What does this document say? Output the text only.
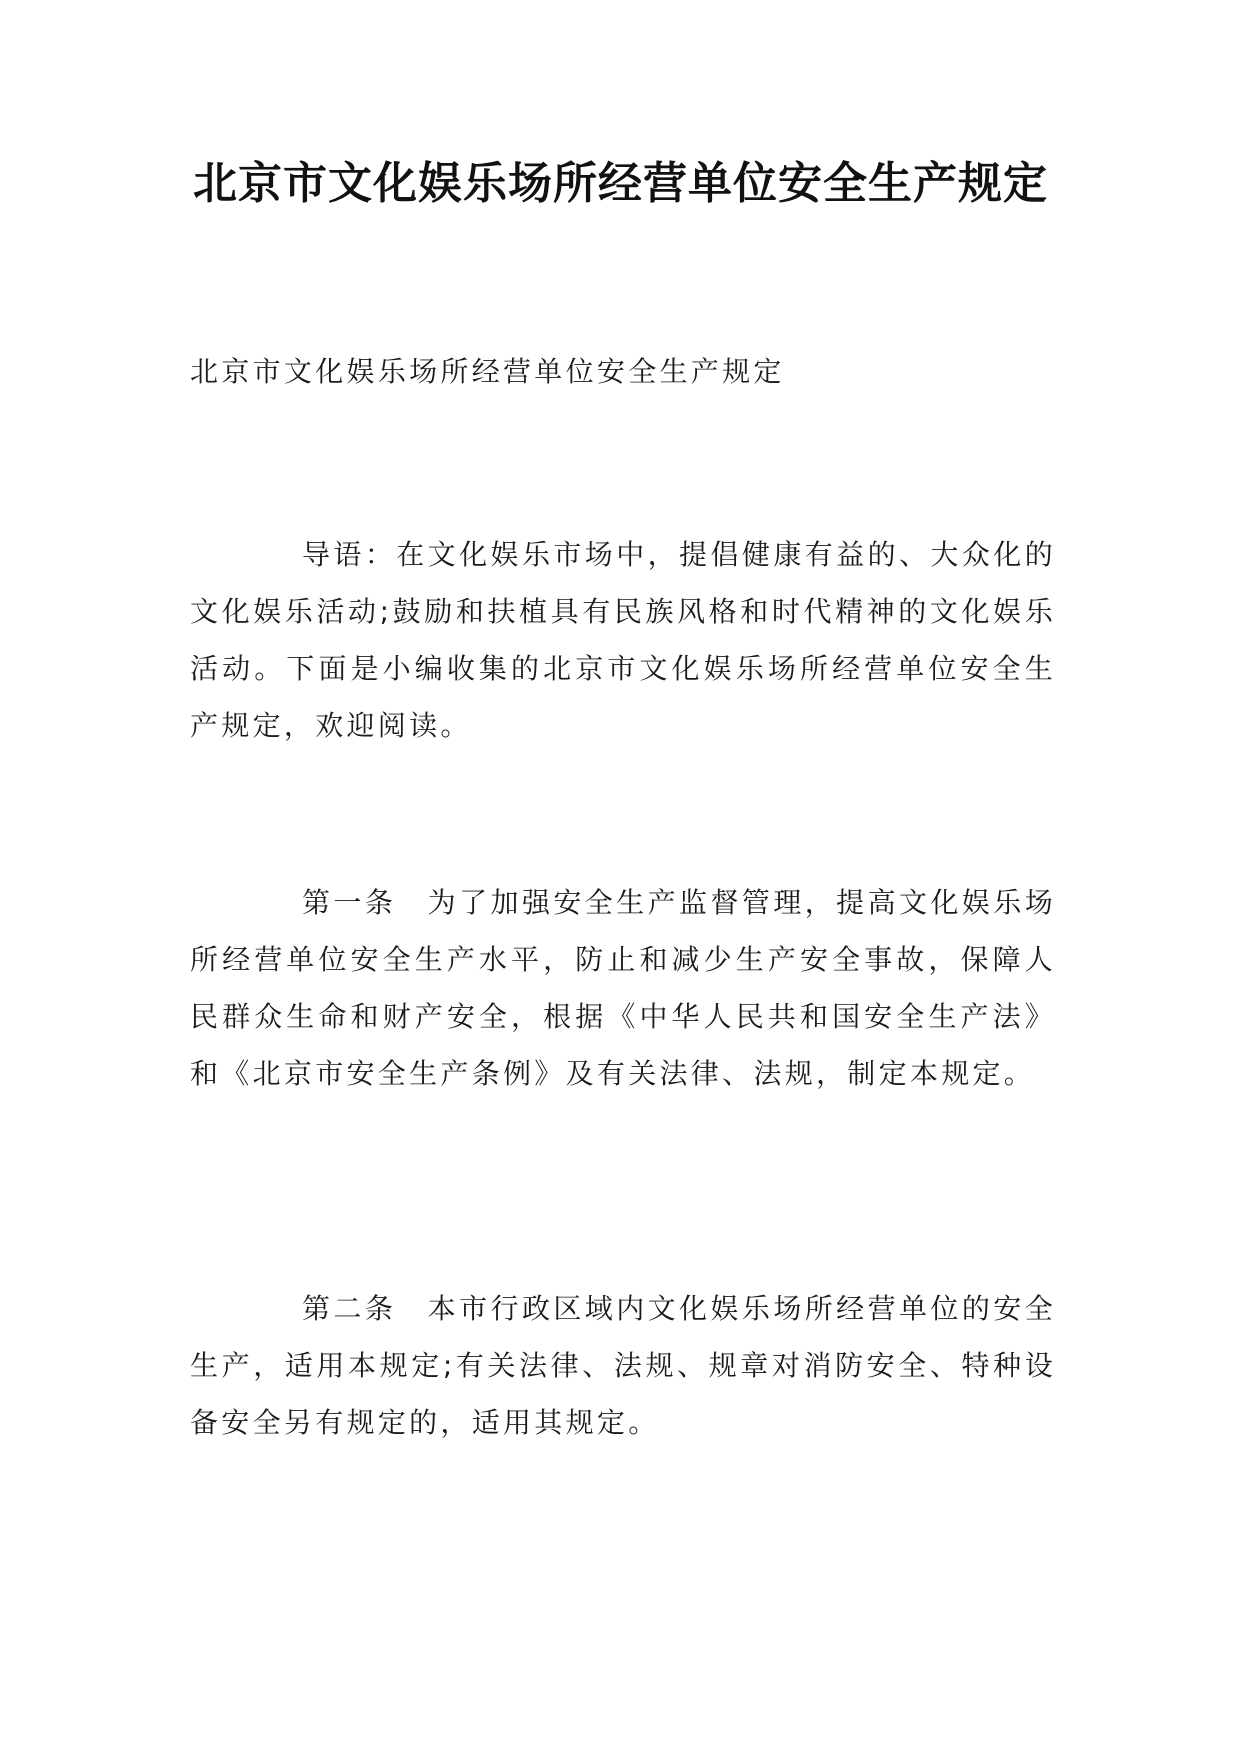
北京市文化娱乐场所经营单位安全生产规定

北京市文化娱乐场所经营单位安全生产规定

导语：在文化娱乐市场中，提倡健康有益的、大众化的文化娱乐活动;鼓励和扶植具有民族风格和时代精神的文化娱乐活动。下面是小编收集的北京市文化娱乐场所经营单位安全生产规定，欢迎阅读。

第一条　为了加强安全生产监督管理，提高文化娱乐场所经营单位安全生产水平，防止和减少生产安全事故，保障人民群众生命和财产安全，根据《中华人民共和国安全生产法》和《北京市安全生产条例》及有关法律、法规，制定本规定。

第二条　本市行政区域内文化娱乐场所经营单位的安全生产，适用本规定;有关法律、法规、规章对消防安全、特种设备安全另有规定的，适用其规定。
